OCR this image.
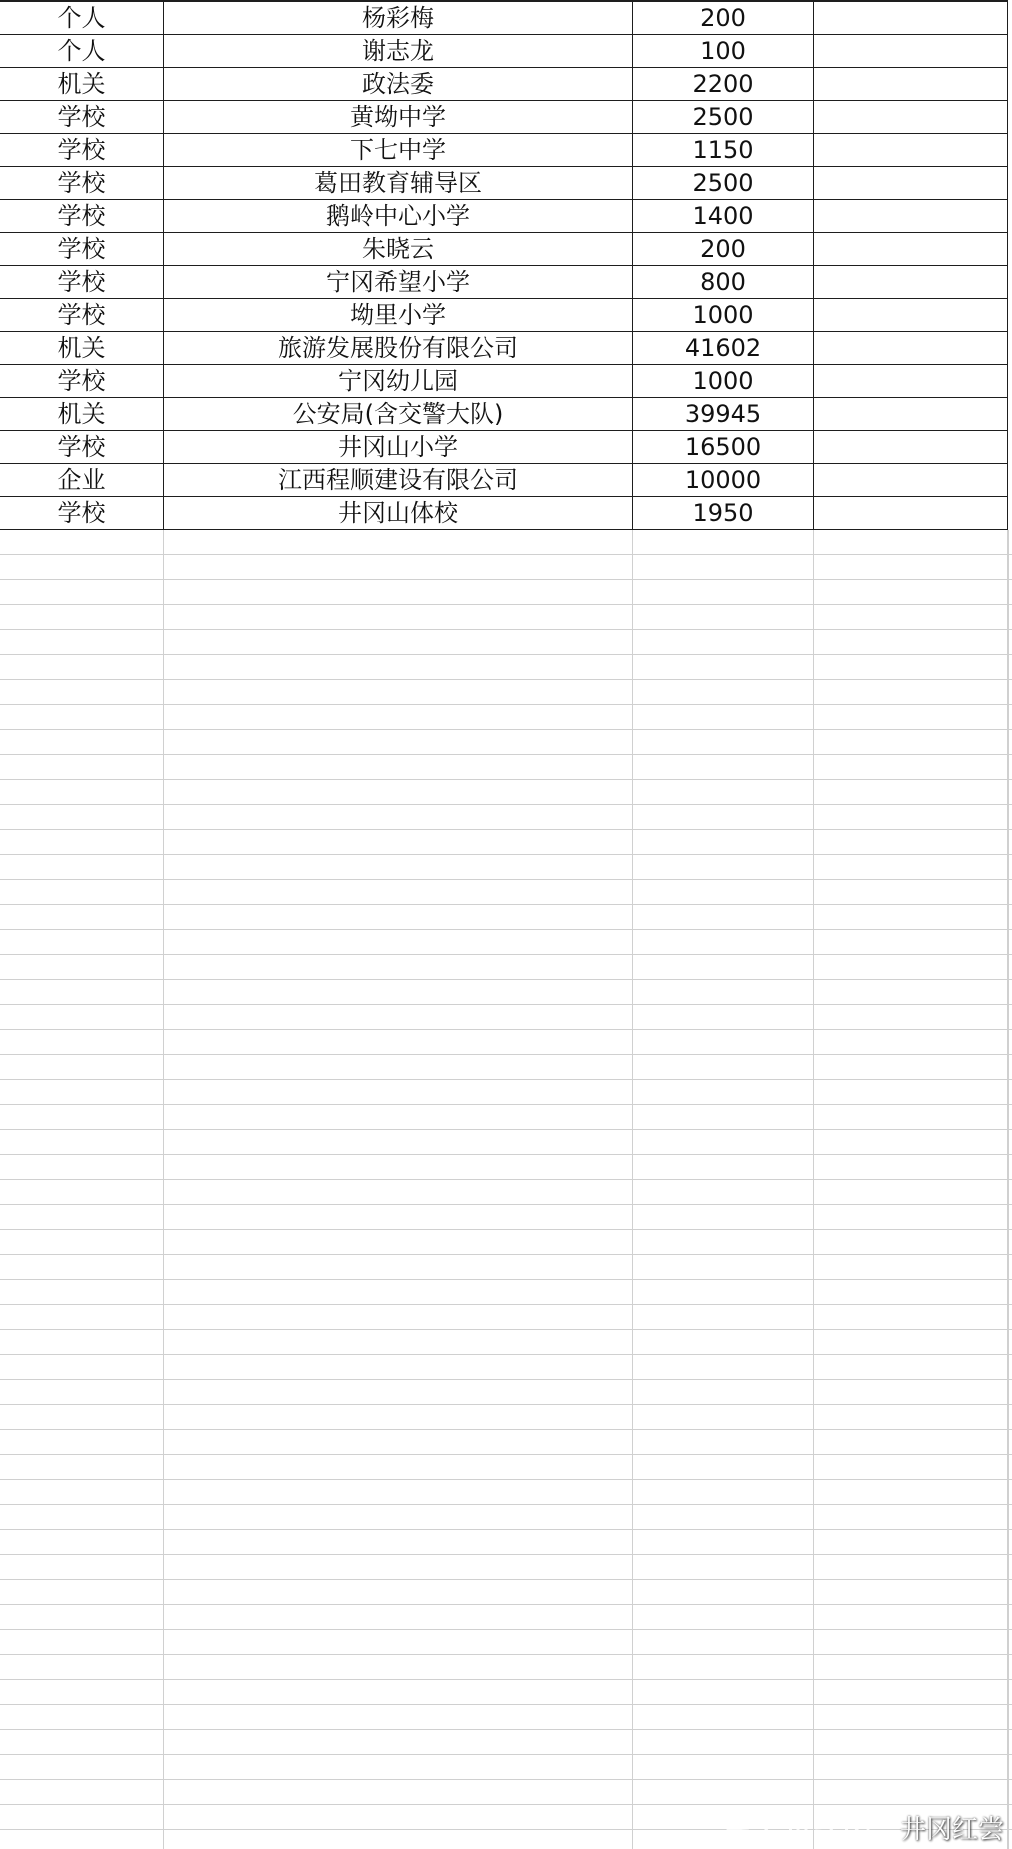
个人	杨彩梅	200
个人	谢志龙	100
机关	政法委	2200
学校	黄坳中学	2500
学校	下七中学	1150
学校	葛田教育辅导区	2500
学校	鹅岭中心小学	1400
学校	朱晓云	200
学校	宁冈希望小学	800
学校	坳里小学	1000
机关	旅游发展股份有限公司	41602
学校	宁冈幼儿园	1000
机关	公安局(含交警大队)	39945
学校	井冈山小学	16500
企业	江西程顺建设有限公司	10000
学校	井冈山体校	1950
井冈红尝
